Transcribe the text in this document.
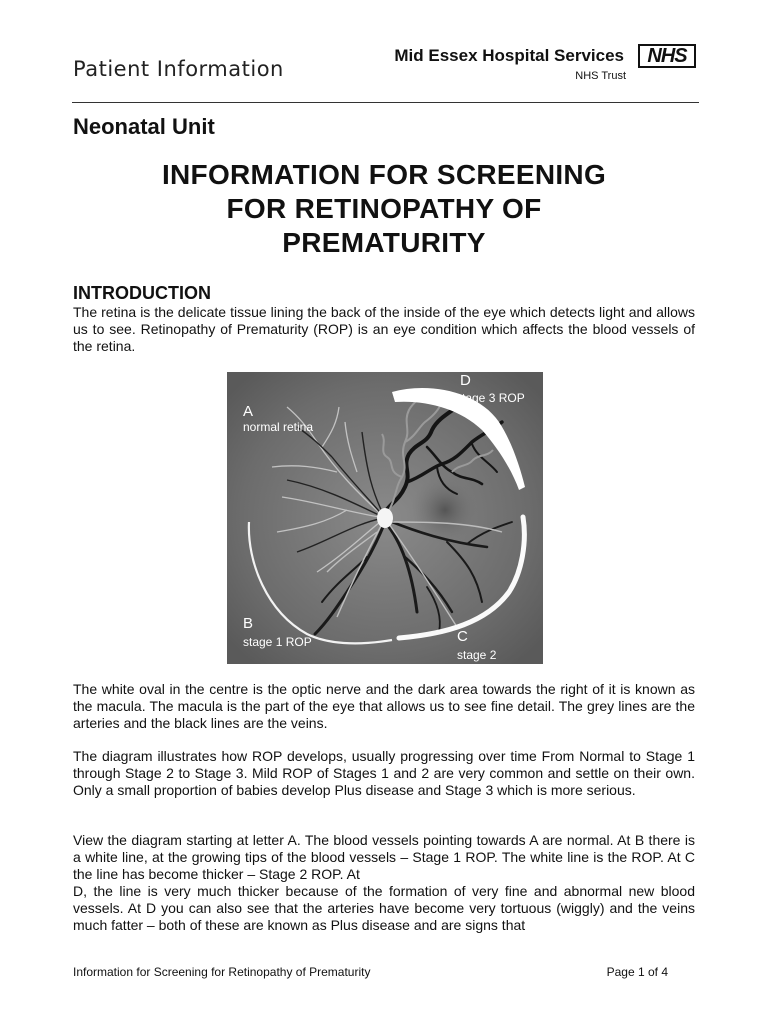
Patient Information
Mid Essex Hospital Services
NHS Trust
NHS
Neonatal Unit
INFORMATION FOR SCREENING
FOR RETINOPATHY OF
PREMATURITY
INTRODUCTION
The retina is the delicate tissue lining the back of the inside of the eye which detects light and allows us to see. Retinopathy of Prematurity (ROP) is an eye condition which affects the blood vessels of the retina.
A
normal retina
B
stage 1 ROP	C
stage 2
D
stage 3 ROP
The white oval in the centre is the optic nerve and the dark area towards the right of it is known as the macula. The macula is the part of the eye that allows us to see fine detail. The grey lines are the arteries and the black lines are the veins.
The diagram illustrates how ROP develops, usually progressing over time From Normal to Stage 1 through Stage 2 to Stage 3. Mild ROP of Stages 1 and 2 are very common and settle on their own. Only a small proportion of babies develop Plus disease and Stage 3 which is more serious.
View the diagram starting at letter A. The blood vessels pointing towards A are normal. At B there is a white line, at the growing tips of the blood vessels – Stage 1 ROP. The white line is the ROP. At C the line has become thicker – Stage 2 ROP. At
D, the line is very much thicker because of the formation of very fine and abnormal new blood vessels. At D you can also see that the arteries have become very tortuous (wiggly) and the veins much fatter – both of these are known as Plus disease and are signs that
Information for Screening for Retinopathy of Prematurity	Page 1 of 4
